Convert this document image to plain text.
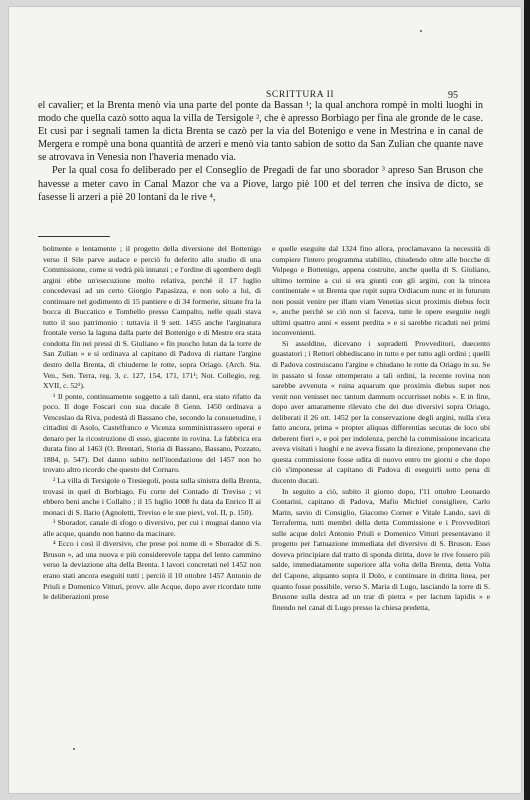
SCRITTURA II	95

el cavalier; et la Brenta menò via una parte del ponte da Bassan ¹; la qual anchora rompè in molti luoghi in modo che quella cazò sotto aqua la villa de Tersigole ², che è apresso Borbiago per fina ale gronde de le case. Et cusì par i segnali tamen la dicta Brenta se cazò per la via del Botenigo e vene in Mestrina e in canal de Mergera e rompè una bona quantità de arzeri e menò via tanto sabion de sotto da San Zulian che quante nave se atrovava in Venesia non l'haveria menado via.

Per la qual cosa fo deliberado per el Conseglio de Pregadi de far uno sborador ³ apreso San Bruson che havesse a meter cavo in Canal Mazor che va a Piove, largo piè 100 et del terren che insiva de dicto, se fasesse li arzeri a piè 20 lontani da le rive ⁴,

bolmente e lentamente ; il progetto della diversione del Bottenigo verso il Sile parve audace e perciò fu deferito allo studio di una Commissione, come si vedrà più innanzi ; e l'ordine di sgombero degli argini ebbe un'esecuzione molto relativa, perchè il 17 luglio concedevasi ad un certo Giorgio Papasizza, e non solo a lui, di continuare nel godimento di 15 pantiere e di 34 formerie, situate fra la bocca di Buccatico e Tombello presso Campalto, nelle quali stava tutto il suo patrimonio : tuttavia il 9 sett. 1455 anche l'arginatura frontale verso la laguna dalla parte del Bottenigo e di Mestre era stata condotta fin nei pressi di S. Giuliano « fin puocho lutan da la torre de San Zulian » e si ordinava al capitano di Padova di riattare l'argine destro della Brenta, di chiuderne le rotte, sopra Oriago. (Arch. Sta. Ven., Sen. Terra, reg. 3, c. 127, 154, 171, 171¹; Not. Collegio, reg. XVII, c. 52¹).

¹ Il ponte, continuamente soggetto a tali danni, era stato rifatto da poco. Il doge Foscari con sua ducale 8 Genn. 1450 ordinava a Venceslao da Riva, podestà di Bassano che, secondo la consuetudine, i cittadini di Asolo, Castelfranco e Vicenza somministrassero operai e denaro per la ricostruzione di esso, giacente in rovina. La fabbrica era durata fino al 1463 (O. Brentari, Storia di Bassano, Bassano, Pozzato, 1884, p. 547). Del danno subito nell'inondazione del 1457 non ho trovato altro ricordo che questo del Cornaro.

² La villa di Tersigole o Tresiegoli, posta sulla sinistra della Brenta, trovasi in quel di Borbiago. Fu corte del Contado di Treviso ; vi ebbero beni anche i Collalto ; il 15 luglio 1008 fu data da Enrico II ai monaci di S. Ilario (Agnoletti, Treviso e le sue pievi, vol. II, p. 150).

³ Sborador, canale di sfogo o diversivo, per cui i mugnai danno via alle acque, quando non hanno da macinare.

⁴ Ecco i così il diversivo, che prese poi nome di « Sborador di S. Bruson », ad una nuova e più considerevole tappa del lento cammino verso la deviazione alta della Brenta. I lavori concretati nel 1452 non erano stati ancora eseguiti tutti ; perciò il 10 ottobre 1457 Antonio de Priuli e Domenico Vitturi, provv. alle Acque, dopo aver ricordate tutte le deliberazioni prese

e quelle eseguite dal 1324 fino allora, proclamavano la necessità di compiere l'intero programma stabilito, chiudendo oltre alle bocche di Volpego e Bottenigo, appena costruite, anche quella di S. Giuliano, ultimo termine a cui si era giunti con gli argini, con la trincea continentale « ut Brenta que rupit supra Ordiacum nunc et in futurum non possit venire per illam viam Venetias sicut proximis diebus fecit », anche perchè se ciò non si faceva, tutte le opere eseguite negli ultimi quattro anni « essent perdita » e si sarebbe ricaduti nei primi inconvenienti.

Si assoldino, dicevano i sopradetti Provveditori, duecento guastatori ; i Rettori obbediscano in tutto e per tutto agli ordini ; quelli di Padova costruiscano l'argine e chiudano le rotte da Oriago in su. Se in passato si fosse ottemperato a tali ordini, la recente rovina non sarebbe avvenuta « ruina aquarum que proximis diebus super nos venit non venisset nec tantum damnum occurrisset nobis ». E in fine, dopo aver amaramente rilevato che dei due diversivi sopra Oriago, deliberati il 26 ott. 1452 per la conservazione degli argini, nulla s'era fatto ancora, prima « propter aliquas differentias secutas de loco ubi deberent fieri », e poi per indolenza, perchè la commissione incaricata aveva visitati i luoghi e ne aveva fissato la direzione, proponevano che questa commissione fosse udita di nuovo entro tre giorni e che dopo ciò s'imponesse al capitano di Padova di eseguirli sotto pena di ducento ducati.

In seguito a ciò, subito il giorno dopo, l'11 ottobre Leonardo Contarini, capitano di Padova, Mafio Michiel consigliere, Carlo Marin, savio di Consiglio, Giacomo Corner e Vitale Lando, savi di Terraferma, tutti membri della detta Commissione e i Provveditori sulle acque dolci Antonio Priuli e Domenico Vitturi presentavano il progetto per l'attuazione immediata del diversivo di S. Bruson. Esso doveva principiare dal tratto di sponda diritta, dove le rive fossero più salde, immediatamente superiore alla volta della Brenta, detta Volta del Capone, alquanto sopra il Dolo, e continuare in diritta linea, per quanto fosse possibile, verso S. Maria di Lugo, lasciando la torre di S. Brusone sulla destra ad un trar di pietra « per lactum lapidis » e finendo nel canal di Lugo presso la chiesa predetta,
